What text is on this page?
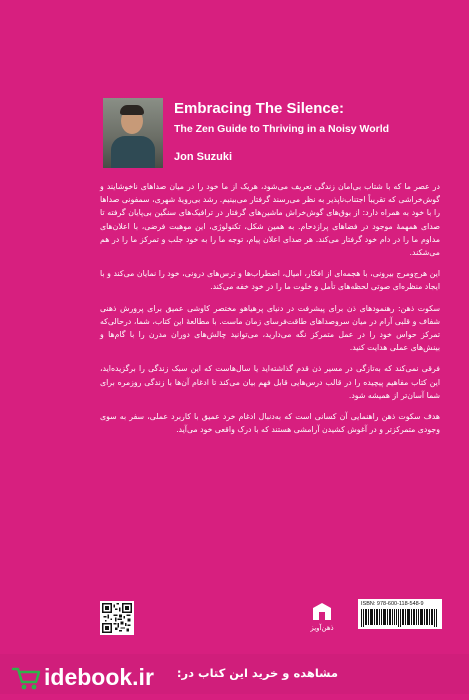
Embracing The Silence:
The Zen Guide to Thriving in a Noisy World
Jon Suzuki

در عصر ما که با شتاب بی‌امان زندگی تعریف می‌شود، هریک از ما خود را در میان صداهای ناخوشایند و گوش‌خراشی که تقریباً اجتناب‌ناپذیر به نظر می‌رسند گرفتار می‌بینیم. رشد بی‌رویهٔ شهری، سمفونی صداها را با خود به همراه دارد: از بوق‌های گوش‌خراش ماشین‌های گرفتار در ترافیک‌های سنگین بی‌پایان گرفته تا صدای همهمهٔ موجود در فضاهای پرازدحام. به همین شکل، تکنولوژی، این موهبت فرضی، با اعلان‌های مداوم ما را در دام خود گرفتار می‌کند. هر صدای اعلان پیام، توجه ما را به خود جلب و تمرکز ما را در هم می‌شکند.

این هرج‌ومرج بیرونی، با هجمه‌ای از افکار، امیال، اضطراب‌ها و ترس‌های درونی، خود را نمایان می‌کند و با ایجاد منظره‌ای صوتی لحظه‌های تأمل و خلوت ما را در خود خفه می‌کند.

سکوت ذهن: رهنمودهای ذن برای پیشرفت در دنیای پرهیاهو مختصر کاوشی عمیق برای پرورش ذهنی شفاف و قلبی آرام در میان سروصداهای طاقت‌فرسای زمان ماست. با مطالعهٔ این کتاب، شما، درحالی‌که تمرکز حواس خود را در عمل متمرکز نگه می‌دارید، می‌توانید چالش‌های دوران مدرن را با گام‌ها و بینش‌های عملی هدایت کنید.

فرقی نمی‌کند که به‌تازگی در مسیر ذن قدم گذاشته‌اید یا سال‌هاست که این سبک زندگی را برگزیده‌اید، این کتاب مفاهیم پیچیده را در قالب درس‌هایی قابل فهم بیان می‌کند تا ادغام آن‌ها با زندگی روزمره برای شما آسان‌تر از همیشه شود.

هدف سکوت ذهن راهنمایی آن کسانی است که به‌دنبال ادغام خرد عمیق با کاربرد عملی، سفر به سوی وجودی متمرکزتر و در آغوش کشیدن آرامشی هستند که با درک واقعی خود می‌آید.

ذهن‌آویز
ISBN: 978-600-118-548-9
idebook.ir مشاهده و خرید این کتاب در:
